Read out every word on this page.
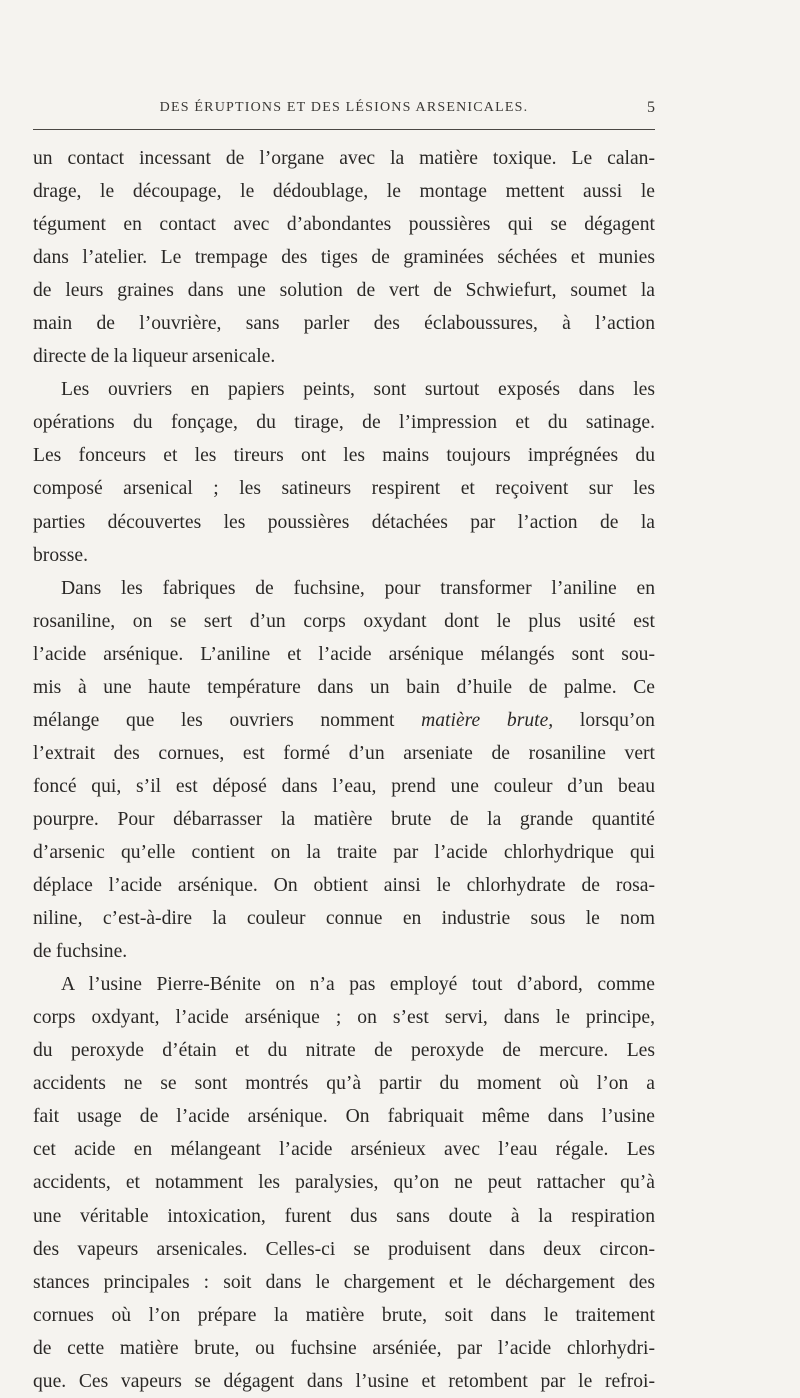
DES ÉRUPTIONS ET DES LÉSIONS ARSENICALES.	5
un contact incessant de l’organe avec la matière toxique. Le calan-
drage, le découpage, le dédoublage, le montage mettent aussi le
tégument en contact avec d’abondantes poussières qui se dégagent
dans l’atelier. Le trempage des tiges de graminées séchées et munies
de leurs graines dans une solution de vert de Schwiefurt, soumet la
main de l’ouvrière, sans parler des éclaboussures, à l’action
directe de la liqueur arsenicale.
Les ouvriers en papiers peints, sont surtout exposés dans les
opérations du fonçage, du tirage, de l’impression et du satinage.
Les fonceurs et les tireurs ont les mains toujours imprégnées du
composé arsenical ; les satineurs respirent et reçoivent sur les
parties découvertes les poussières détachées par l’action de la
brosse.
Dans les fabriques de fuchsine, pour transformer l’aniline en
rosaniline, on se sert d’un corps oxydant dont le plus usité est
l’acide arsénique. L’aniline et l’acide arsénique mélangés sont sou-
mis à une haute température dans un bain d’huile de palme. Ce
mélange que les ouvriers nomment matière brute, lorsqu’on
l’extrait des cornues, est formé d’un arseniate de rosaniline vert
foncé qui, s’il est déposé dans l’eau, prend une couleur d’un beau
pourpre. Pour débarrasser la matière brute de la grande quantité
d’arsenic qu’elle contient on la traite par l’acide chlorhydrique qui
déplace l’acide arsénique. On obtient ainsi le chlorhydrate de rosa-
niline, c’est-à-dire la couleur connue en industrie sous le nom
de fuchsine.
A l’usine Pierre-Bénite on n’a pas employé tout d’abord, comme
corps oxdyant, l’acide arsénique ; on s’est servi, dans le principe,
du peroxyde d’étain et du nitrate de peroxyde de mercure. Les
accidents ne se sont montrés qu’à partir du moment où l’on a
fait usage de l’acide arsénique. On fabriquait même dans l’usine
cet acide en mélangeant l’acide arsénieux avec l’eau régale. Les
accidents, et notamment les paralysies, qu’on ne peut rattacher qu’à
une véritable intoxication, furent dus sans doute à la respiration
des vapeurs arsenicales. Celles-ci se produisent dans deux circon-
stances principales : soit dans le chargement et le déchargement des
cornues où l’on prépare la matière brute, soit dans le traitement
de cette matière brute, ou fuchsine arséniée, par l’acide chlorhydri-
que. Ces vapeurs se dégagent dans l’usine et retombent par le refroi-
